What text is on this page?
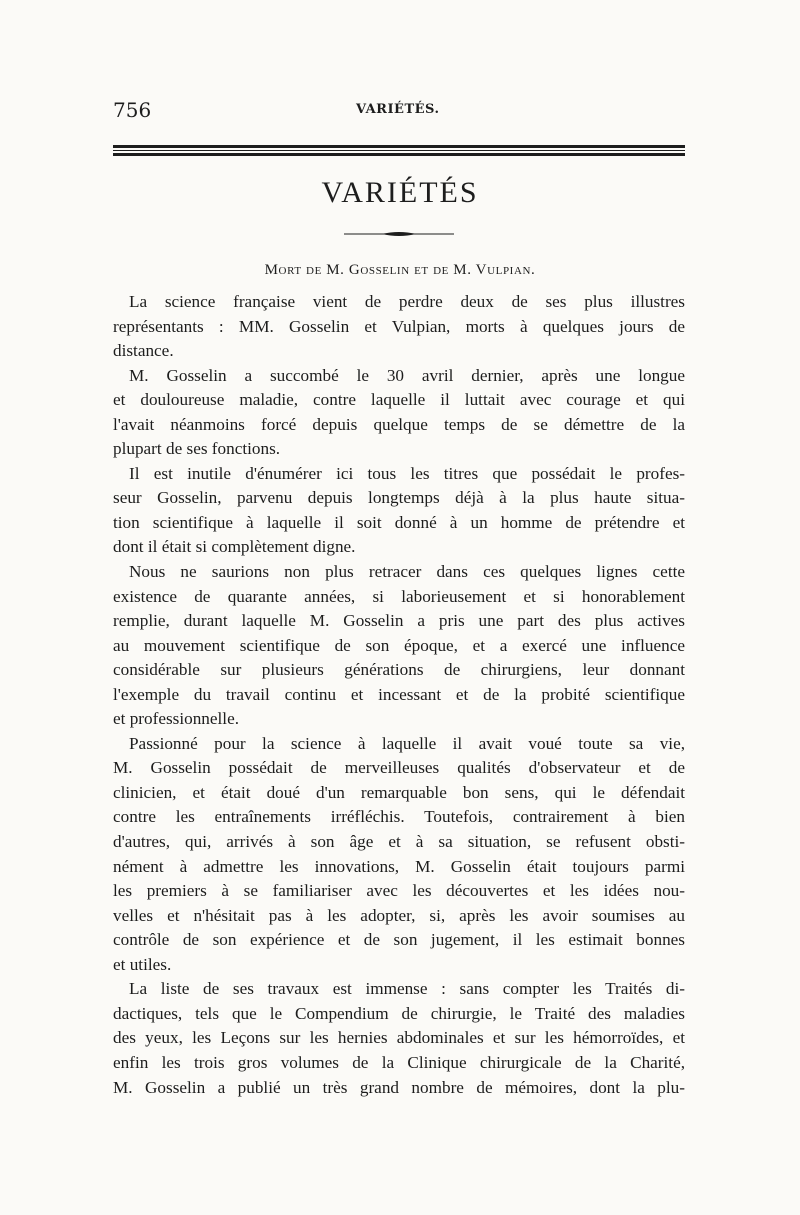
756	VARIÉTÉS.
VARIÉTÉS
Mort de M. Gosselin et de M. Vulpian.
La science française vient de perdre deux de ses plus illustres
représentants : MM. Gosselin et Vulpian, morts à quelques jours de
distance.
M. Gosselin a succombé le 30 avril dernier, après une longue
et douloureuse maladie, contre laquelle il luttait avec courage et qui
l'avait néanmoins forcé depuis quelque temps de se démettre de la
plupart de ses fonctions.
Il est inutile d'énumérer ici tous les titres que possédait le profes-
seur Gosselin, parvenu depuis longtemps déjà à la plus haute situa-
tion scientifique à laquelle il soit donné à un homme de prétendre et
dont il était si complètement digne.
Nous ne saurions non plus retracer dans ces quelques lignes cette
existence de quarante années, si laborieusement et si honorablement
remplie, durant laquelle M. Gosselin a pris une part des plus actives
au mouvement scientifique de son époque, et a exercé une influence
considérable sur plusieurs générations de chirurgiens, leur donnant
l'exemple du travail continu et incessant et de la probité scientifique
et professionnelle.
Passionné pour la science à laquelle il avait voué toute sa vie,
M. Gosselin possédait de merveilleuses qualités d'observateur et de
clinicien, et était doué d'un remarquable bon sens, qui le défendait
contre les entraînements irréfléchis. Toutefois, contrairement à bien
d'autres, qui, arrivés à son âge et à sa situation, se refusent obsti-
nément à admettre les innovations, M. Gosselin était toujours parmi
les premiers à se familiariser avec les découvertes et les idées nou-
velles et n'hésitait pas à les adopter, si, après les avoir soumises au
contrôle de son expérience et de son jugement, il les estimait bonnes
et utiles.
La liste de ses travaux est immense : sans compter les Traités di-
dactiques, tels que le Compendium de chirurgie, le Traité des maladies
des yeux, les Leçons sur les hernies abdominales et sur les hémorroïdes, et
enfin les trois gros volumes de la Clinique chirurgicale de la Charité,
M. Gosselin a publié un très grand nombre de mémoires, dont la plu-
